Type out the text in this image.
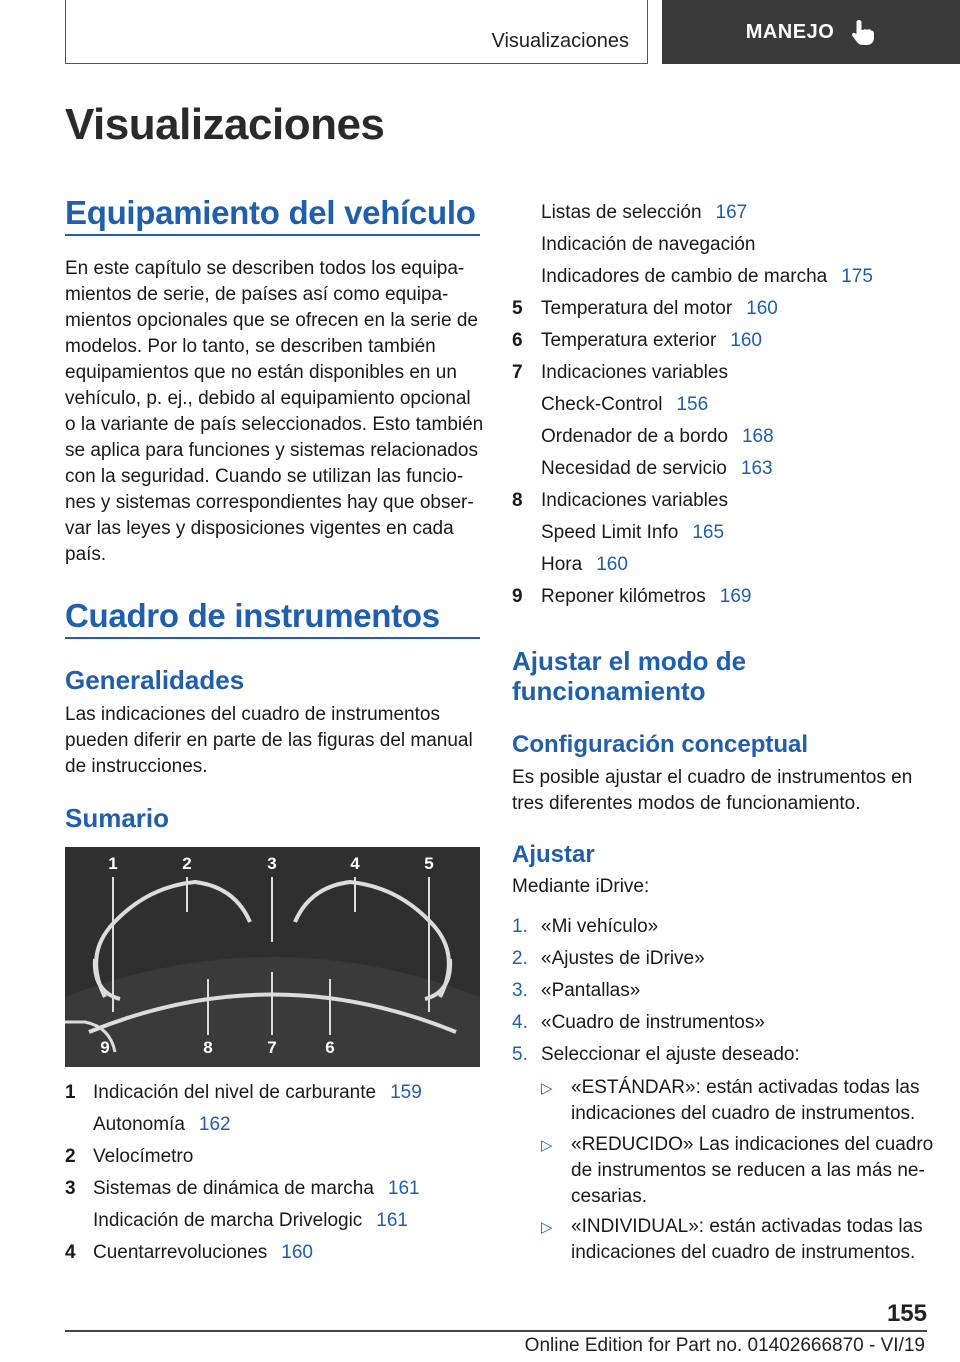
Visualizaciones	MANEJO
Visualizaciones
Equipamiento del vehículo
En este capítulo se describen todos los equipa-
mientos de serie, de países así como equipa-
mientos opcionales que se ofrecen en la serie de
modelos. Por lo tanto, se describen también
equipamientos que no están disponibles en un
vehículo, p. ej., debido al equipamiento opcional
o la variante de país seleccionados. Esto también
se aplica para funciones y sistemas relacionados
con la seguridad. Cuando se utilizan las funcio-
nes y sistemas correspondientes hay que obser-
var las leyes y disposiciones vigentes en cada
país.
Cuadro de instrumentos
Generalidades
Las indicaciones del cuadro de instrumentos
pueden diferir en parte de las figuras del manual
de instrucciones.
Sumario
1	2	3	4	5
6
7
8
9
1 Indicación del nivel de carburante 159
Autonomía 162
2 Velocímetro
3 Sistemas de dinámica de marcha 161
Indicación de marcha Drivelogic 161
4 Cuentarrevoluciones 160
Listas de selección 167
Indicación de navegación
Indicadores de cambio de marcha 175
5 Temperatura del motor 160
6 Temperatura exterior 160
7 Indicaciones variables
Check-Control 156
Ordenador de a bordo 168
Necesidad de servicio 163
8 Indicaciones variables
Speed Limit Info 165
Hora 160
9 Reponer kilómetros 169
Ajustar el modo de
funcionamiento
Configuración conceptual
Es posible ajustar el cuadro de instrumentos en
tres diferentes modos de funcionamiento.
Ajustar
Mediante iDrive:
1. «Mi vehículo»
2. «Ajustes de iDrive»
3. «Pantallas»
4. «Cuadro de instrumentos»
5. Seleccionar el ajuste deseado:
▷ «ESTÁNDAR»: están activadas todas las
indicaciones del cuadro de instrumentos.
▷ «REDUCIDO» Las indicaciones del cuadro
de instrumentos se reducen a las más ne-
cesarias.
▷ «INDIVIDUAL»: están activadas todas las
indicaciones del cuadro de instrumentos.
155
Online Edition for Part no. 01402666870 - VI/19
